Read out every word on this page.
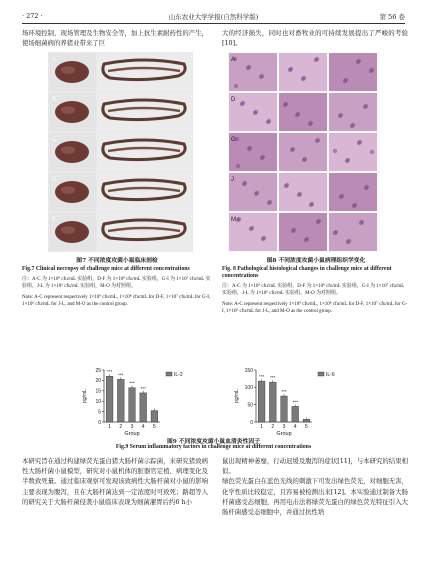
· 272 ·	山东农业大学学报(自然科学版)	第 56 卷

场环境控制，现场管理及生物安全等，加上抗生素耐药性的产生，使场细菌病的养猪业带来了巨

大的经济损失，同时也对畜牧业的可持续发展提出了严峻的考验[10]。

A
B
C
D
E
图7 不同浓度攻菌小鼠临床剖检
Fig.7 Clinical necropsy of challenge mice at different concentrations
注：A-C 为 1×10⁹ cfu/mL 实验组，D-F 为 1×10⁸ cfu/mL 实验组，G-I 为 1×10⁷ cfu/mL 实验组，J-L 为 1×10⁶ cfu/mL 实验组，M-O 为对照组。
Note: A-C represent respectively 1×10⁹ cfu/mL, 1×10⁸ cfu/mL for D-F, 1×10⁷ cfu/mL for G-I, 1×10⁶ cfu/mL for J-L, and M-O as the control group.
A
D
G
J
M
图8 不同浓度攻菌小鼠病理组织学变化
Fig. 8 Pathological histological changes in challenge mice at different concentrations
注：A-C 为 1×10⁹ cfu/mL 实验组，D-F 为 1×10⁸ cfu/mL 实验组，G-I 为 1×10⁷ cfu/mL 实验组，J-L 为 1×10⁶ cfu/mL 实验组，M-O 为对照组。
Note: A-C represent respectively 1×10⁹ cfu/mL, 1×10⁸ cfu/mL for D-F, 1×10⁷ cfu/mL for G-I, 1×10⁶ cfu/mL for J-L, and M-O as the control group.
0
5
10
15
20
25 ***
1
***
2
***
3
***
4 5
Group
pg/mL
IL-2
0
50
100
150
***
1
***
2
***
3
***
4 5
Group
pg/mL
IL-6
图9 不同浓度攻菌小鼠血清炎性因子
Fig.9 Serum inflammatory factors in challenge mice at different concentrations

本研究旨在通过构建绿荧光蛋白猪大肠杆菌示踪菌，来研究猪致病性大肠杆菌小鼠模型，研究对小鼠机体的脏器官定植、病理变化及半数致死量。通过临床观察可发现该致病性大肠杆菌对小鼠的影响主要表现为腹泻，且在大肠杆菌达到一定浓度时可致死；路超等人的研究关于大肠杆菌侵袭小鼠临床表现为细菌灌胃后约6 h小

鼠出现精神萎靡，行动迟缓及腹泻的症状[11]，与本研究的结果相似。
绿色荧光蛋白在蓝色光线的刺激下可发出绿色荧光，对细胞无害，化学性质比较稳定，且容易被检测出来[12]。本实验通过制备大肠杆菌感受态细胞，再用电击法将绿荧光蛋白的绿色荧光特征引入大肠杆菌感受态细胞中，并通过抗性培
